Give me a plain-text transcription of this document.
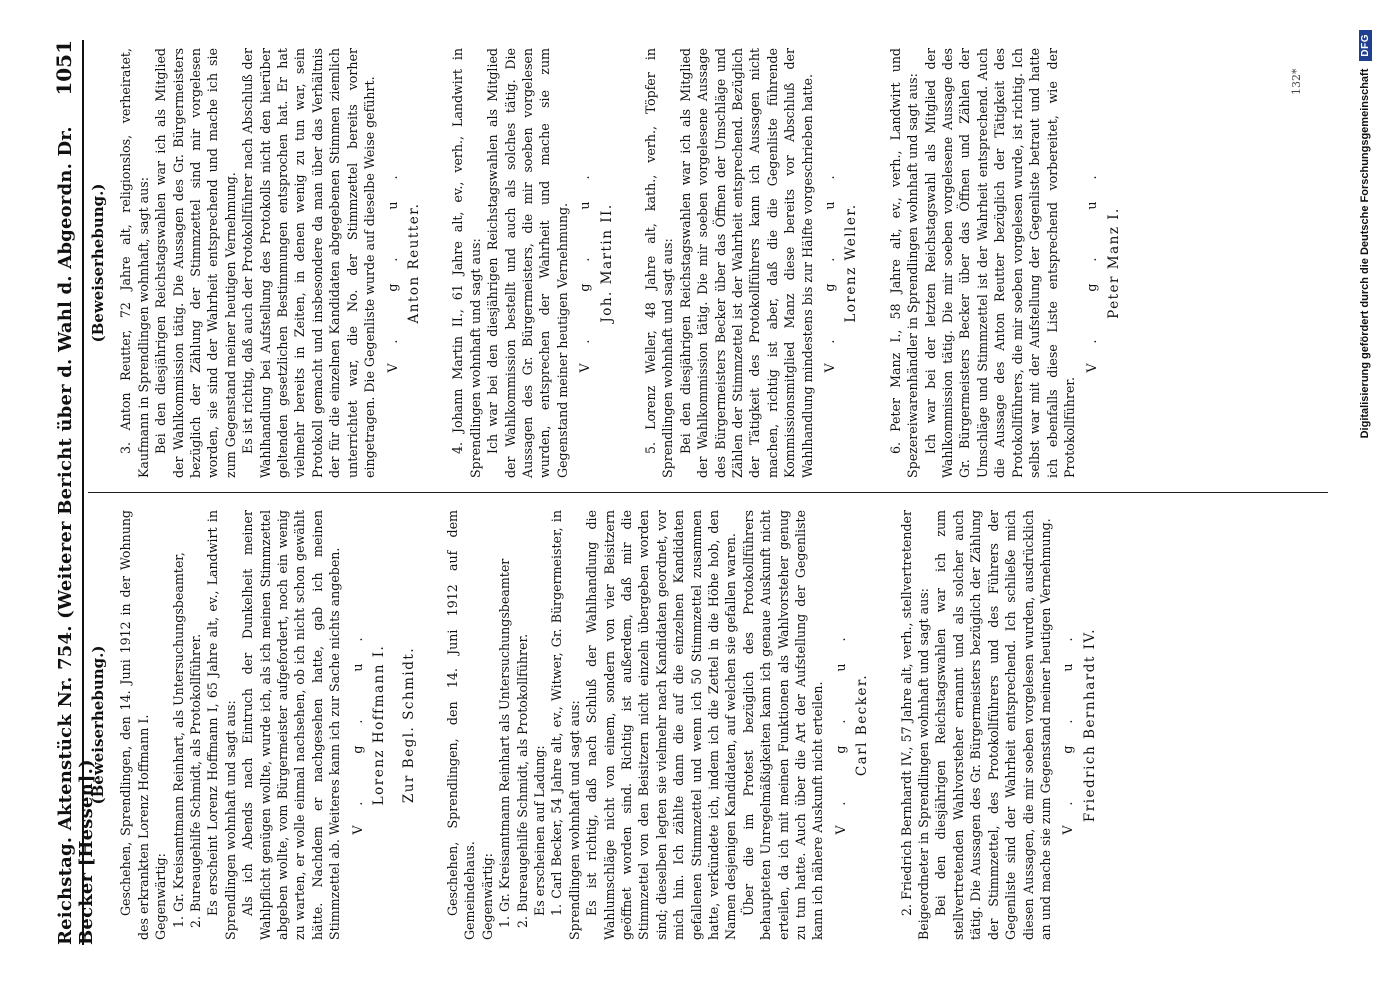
Reichstag. Aktenstück Nr. 754. (Weiterer Bericht über d. Wahl d. Abgeordn. Dr. Becker [Hessen].)
1051

(Beweiserhebung.) Geschehen, Sprendlingen, den 14. Juni 1912 in der Wohnung des erkrankten Lorenz Hoffmann I. Gegenwärtig: 1. Gr. Kreisamtmann Reinhart, als Untersuchungsbeamter, 2. Bureaugehilfe Schmidt, als Protokollführer. Es erscheint Lorenz Hoffmann I, 65 Jahre alt, ev., Landwirt in Sprendlingen wohnhaft und sagt aus: Als ich Abends nach Eintruch der Dunkelheit meiner Wahlpflicht genügen wollte, wurde ich, als ich meinen Stimmzettel abgeben wollte, vom Bürgermeister aufgefordert, noch ein wenig zu warten, er wolle einmal nachsehen, ob ich nicht schon gewählt hätte. Nachdem er nachgesehen hatte, gab ich meinen Stimmzettel ab. Weiteres kann ich zur Sache nichts angeben. V. g. u. Lorenz Hoffmann I. Zur Begl. Schmidt. Geschehen, Sprendlingen, den 14. Juni 1912 auf dem Gemeindehaus. Gegenwärtig: 1. Gr. Kreisamtmann Reinhart als Untersuchungsbeamter 2. Bureaugehilfe Schmidt, als Protokollführer. Es erscheinen auf Ladung: 1. Carl Becker, 54 Jahre alt, ev., Witwer, Gr. Bürgermeister, in Sprendlingen wohnhaft und sagt aus: Es ist richtig, daß nach Schluß der Wahlhandlung die Wahlumschläge nicht von einem, sondern von vier Beisitzern geöffnet worden sind. Richtig ist außerdem, daß mir die Stimmzettel von den Beisitzern nicht einzeln übergeben worden sind; dieselben legten sie vielmehr nach Kandidaten geordnet, vor mich hin. Ich zählte dann die auf die einzelnen Kandidaten gefallenen Stimmzettel und wenn ich 50 Stimmzettel zusammen hatte, verkündete ich, indem ich die Zettel in die Höhe hob, den Namen desjenigen Kandidaten, auf welchen sie gefallen waren. Über die im Protest bezüglich des Protokollführers behaupteten Unregelmäßigkeiten kann ich genaue Auskunft nicht erteilen, da ich mit meinen Funktionen als Wahlvorsteher genug zu tun hatte. Auch über die Art der Aufstellung der Gegenliste kann ich nähere Auskunft nicht erteilen. V. g. u. Carl Becker. 2. Friedrich Bernhardt IV., 57 Jahre alt, verh., stellvertretender Beigeordneter in Sprendlingen wohnhaft und sagt aus: Bei den diesjährigen Reichstagswahlen war ich zum stellvertretenden Wahlvorsteher ernannt und als solcher auch tätig. Die Aussagen des Gr. Bürgermeisters bezüglich der Zählung der Stimmzettel, des Protokollführers und des Führers der Gegenliste sind der Wahrheit entsprechend. Ich schließe mich diesen Aussagen, die mir soeben vorgelesen wurden, ausdrücklich an und mache sie zum Gegenstand meiner heutigen Vernehmung. V. g. u. Friedrich Bernhardt IV.

(Beweiserhebung.) 3. Anton Reutter, 72 Jahre alt, religionslos, verheiratet, Kaufmann in Sprendlingen wohnhaft, sagt aus: Bei den diesjährigen Reichstagswahlen war ich als Mitglied der Wahlkommission tätig. Die Aussagen des Gr. Bürgermeisters bezüglich der Zählung der Stimmzettel sind mir vorgelesen worden, sie sind der Wahrheit entsprechend und mache ich sie zum Gegenstand meiner heutigen Vernehmung. Es ist richtig, daß auch der Protokollführer nach Abschluß der Wahlhandlung bei Aufstellung des Protokolls nicht den hierüber geltenden gesetzlichen Bestimmungen entsprochen hat. Er hat vielmehr bereits in Zeiten, in denen wenig zu tun war, sein Protokoll gemacht und insbesondere da man über das Verhältnis der für die einzelnen Kandidaten abgegebenen Stimmen ziemlich unterrichtet war, die No. der Stimmzettel bereits vorher eingetragen. Die Gegenliste wurde auf dieselbe Weise geführt. V. g. u. Anton Reutter. 4. Johann Martin II., 61 Jahre alt, ev., verh., Landwirt in Sprendlingen wohnhaft und sagt aus: Ich war bei den diesjährigen Reichstagswahlen als Mitglied der Wahlkommission bestellt und auch als solches tätig. Die Aussagen des Gr. Bürgermeisters, die mir soeben vorgelesen wurden, entsprechen der Wahrheit und mache sie zum Gegenstand meiner heutigen Vernehmung. V. g. u. Joh. Martin II. 5. Lorenz Weller, 48 Jahre alt, kath., verh., Töpfer in Sprendlingen wohnhaft und sagt aus: Bei den diesjährigen Reichstagswahlen war ich als Mitglied der Wahlkommission tätig. Die mir soeben vorgelesene Aussage des Bürgermeisters Becker über das Öffnen der Umschläge und Zählen der Stimmzettel ist der Wahrheit entsprechend. Bezüglich der Tätigkeit des Protokollführers kann ich Aussagen nicht machen, richtig ist aber, daß die die Gegenliste führende Kommissionsmitglied Manz diese bereits vor Abschluß der Wahlhandlung mindestens bis zur Hälfte vorgeschrieben hatte. V. g. u. Lorenz Weller. 6. Peter Manz I., 58 Jahre alt, ev., verh., Landwirt und Spezereiwarenhändler in Sprendlingen wohnhaft und sagt aus: Ich war bei der letzten Reichstagswahl als Mitglied der Wahlkommission tätig. Die mir soeben vorgelesene Aussage des Gr. Bürgermeisters Becker über das Öffnen und Zählen der Umschläge und Stimmzettel ist der Wahrheit entsprechend. Auch die Aussage des Anton Reutter bezüglich der Tätigkeit des Protokollführers, die mir soeben vorgelesen wurde, ist richtig. Ich selbst war mit der Aufstellung der Gegenliste betraut und hatte ich ebenfalls diese Liste entsprechend vorbereitet, wie der Protokollführer.

V. g. u. Peter Manz I.

132*	Digitalisierung gefördert durch die Deutsche Forschungsgemeinschaft
DFG
